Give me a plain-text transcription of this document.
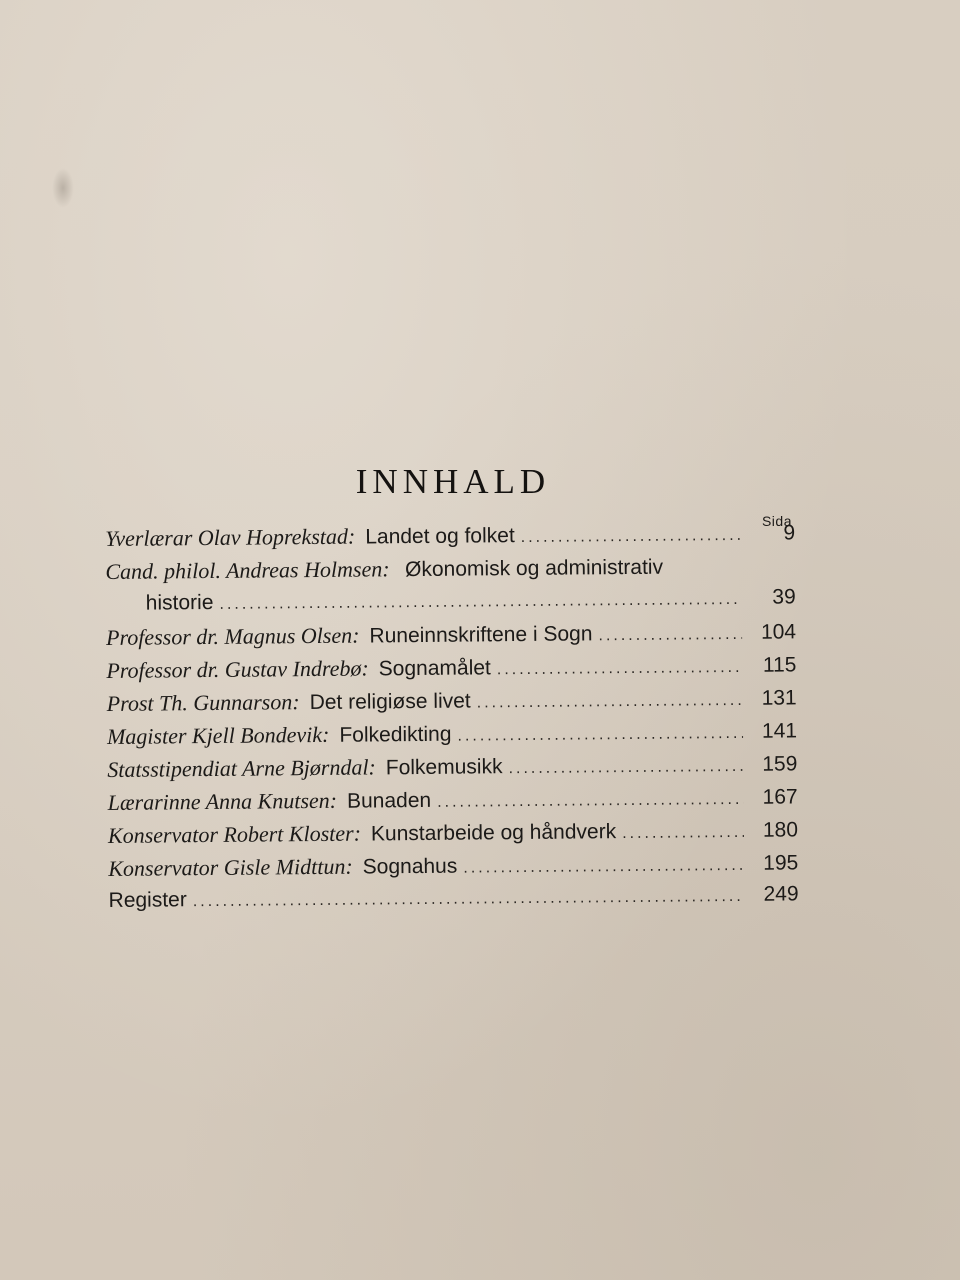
INNHALD
Sida
Yverlærar Olav Hoprekstad: Landet og folket .....	9
Cand. philol. Andreas Holmsen: Økonomisk og administrativ
historie .....	39
Professor dr. Magnus Olsen: Runeinnskriftene i Sogn .....	104
Professor dr. Gustav Indrebø: Sognamålet .....	115
Prost Th. Gunnarson: Det religiøse livet .....	131
Magister Kjell Bondevik: Folkedikting .....	141
Statsstipendiat Arne Bjørndal: Folkemusikk .....	159
Lærarinne Anna Knutsen: Bunaden .....	167
Konservator Robert Kloster: Kunstarbeide og håndverk .....	180
Konservator Gisle Midttun: Sognahus .....	195
Register .....	249
